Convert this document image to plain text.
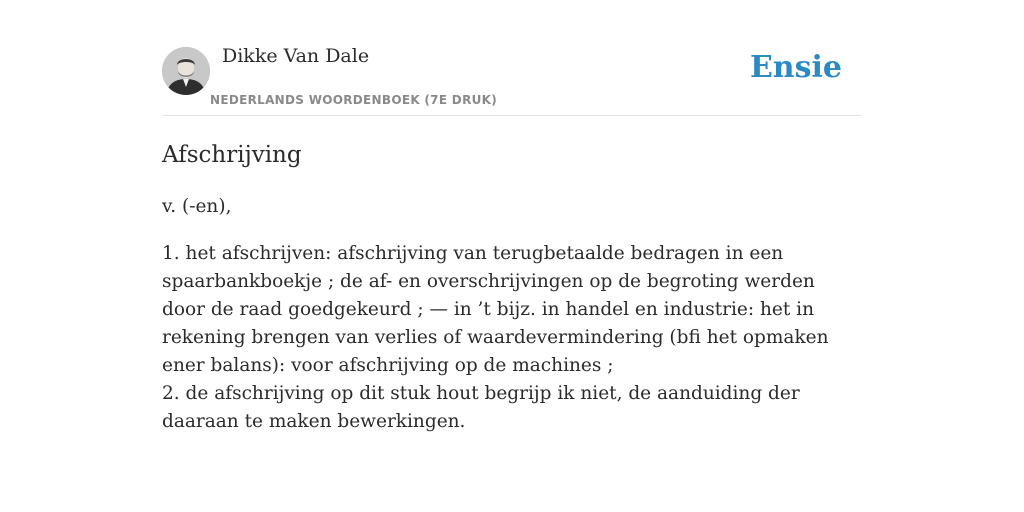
Dikke Van Dale
NEDERLANDS WOORDENBOEK (7E DRUK)
Ensie
Afschrijving
v. (-en),

1. het afschrijven: afschrijving van terugbetaalde bedragen in een spaarbankboekje ; de af- en overschrijvingen op de begroting werden door de raad goedgekeurd ; — in ’t bijz. in handel en industrie: het in rekening brengen van verlies of waardevermindering (bfi het opmaken ener balans): voor afschrijving op de machines ;

2. de afschrijving op dit stuk hout begrijp ik niet, de aanduiding der daaraan te maken bewerkingen.
